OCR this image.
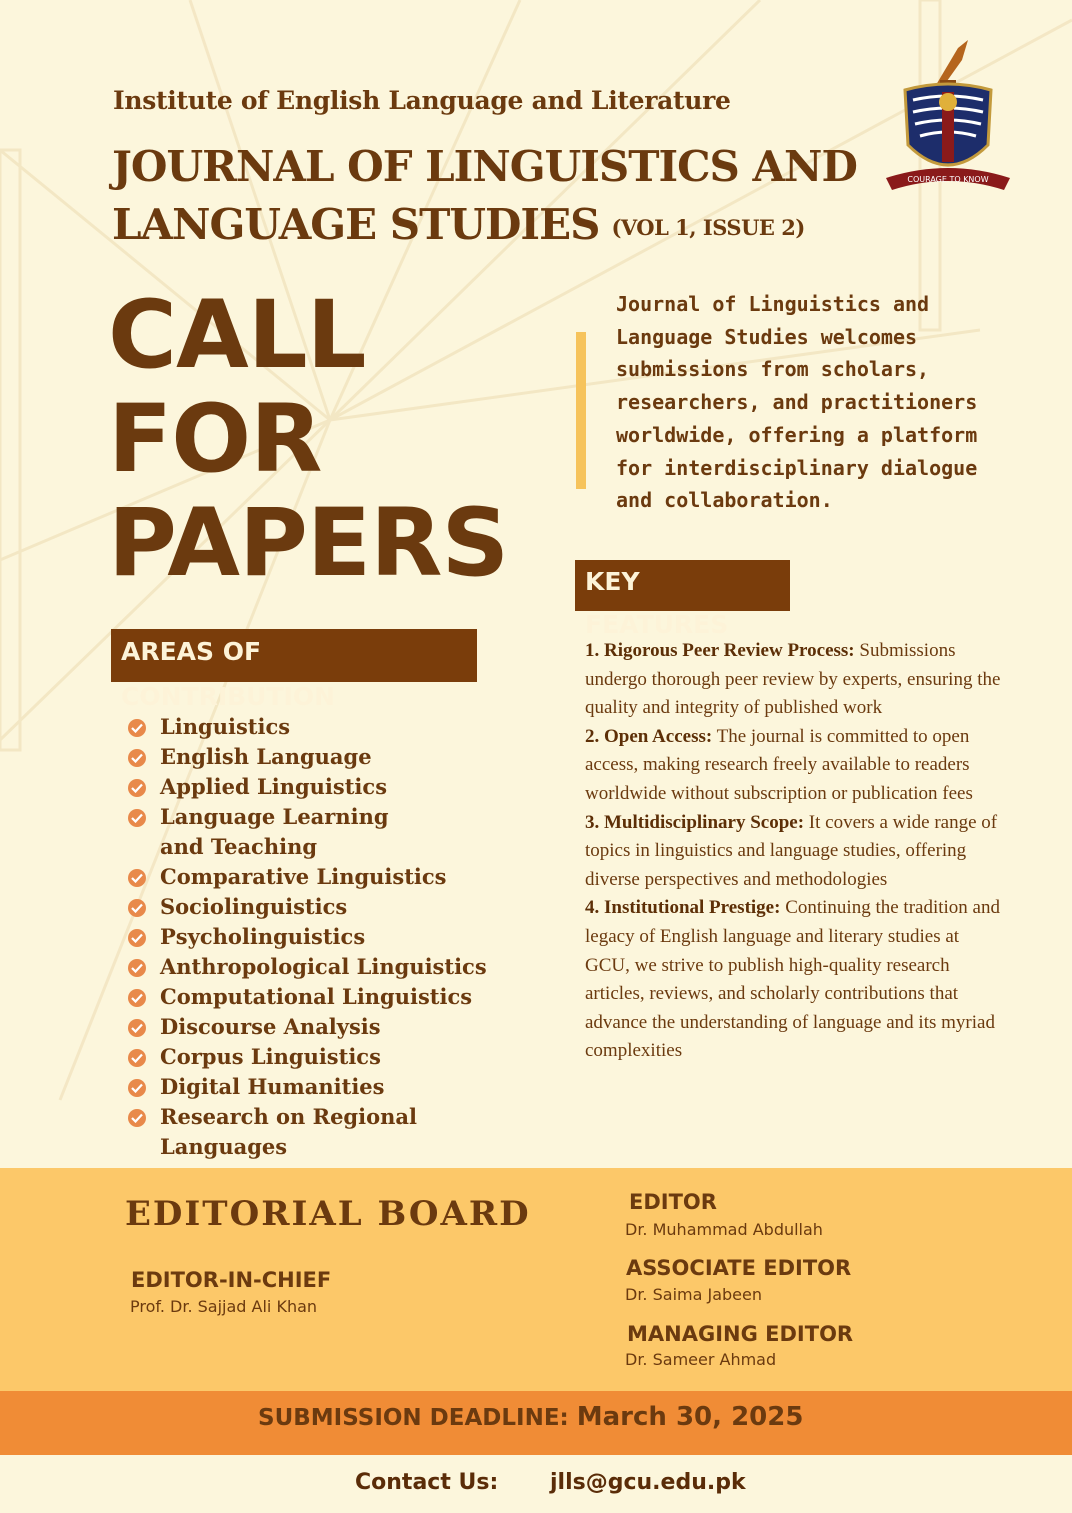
COURAGE TO KNOW
Institute of English Language and Literature
JOURNAL OF LINGUISTICS AND
LANGUAGE STUDIES (VOL 1, ISSUE 2)
CALL
FOR
PAPERS
Journal of Linguistics and Language Studies welcomes submissions from scholars, researchers, and practitioners worldwide, offering a platform for interdisciplinary dialogue and collaboration.
KEY FEATURES
1. Rigorous Peer Review Process: Submissions undergo thorough peer review by experts, ensuring the quality and integrity of published work
2. Open Access: The journal is committed to open access, making research freely available to readers worldwide without subscription or publication fees
3. Multidisciplinary Scope: It covers a wide range of topics in linguistics and language studies, offering diverse perspectives and methodologies
4. Institutional Prestige: Continuing the tradition and legacy of English language and literary studies at GCU, we strive to publish high-quality research articles, reviews, and scholarly contributions that advance the understanding of language and its myriad complexities
AREAS OF CONTRIBUTION
Linguistics
English Language
Applied Linguistics
Language Learning and Teaching
Comparative Linguistics
Sociolinguistics
Psycholinguistics
Anthropological Linguistics
Computational Linguistics
Discourse Analysis
Corpus Linguistics
Digital Humanities
Research on Regional Languages
EDITORIAL BOARD
EDITOR-IN-CHIEF
Prof. Dr. Sajjad Ali Khan
EDITOR
Dr. Muhammad Abdullah
ASSOCIATE EDITOR
Dr. Saima Jabeen
MANAGING EDITOR
Dr. Sameer Ahmad
SUBMISSION DEADLINE: March 30, 2025
Contact Us: jlls@gcu.edu.pk
